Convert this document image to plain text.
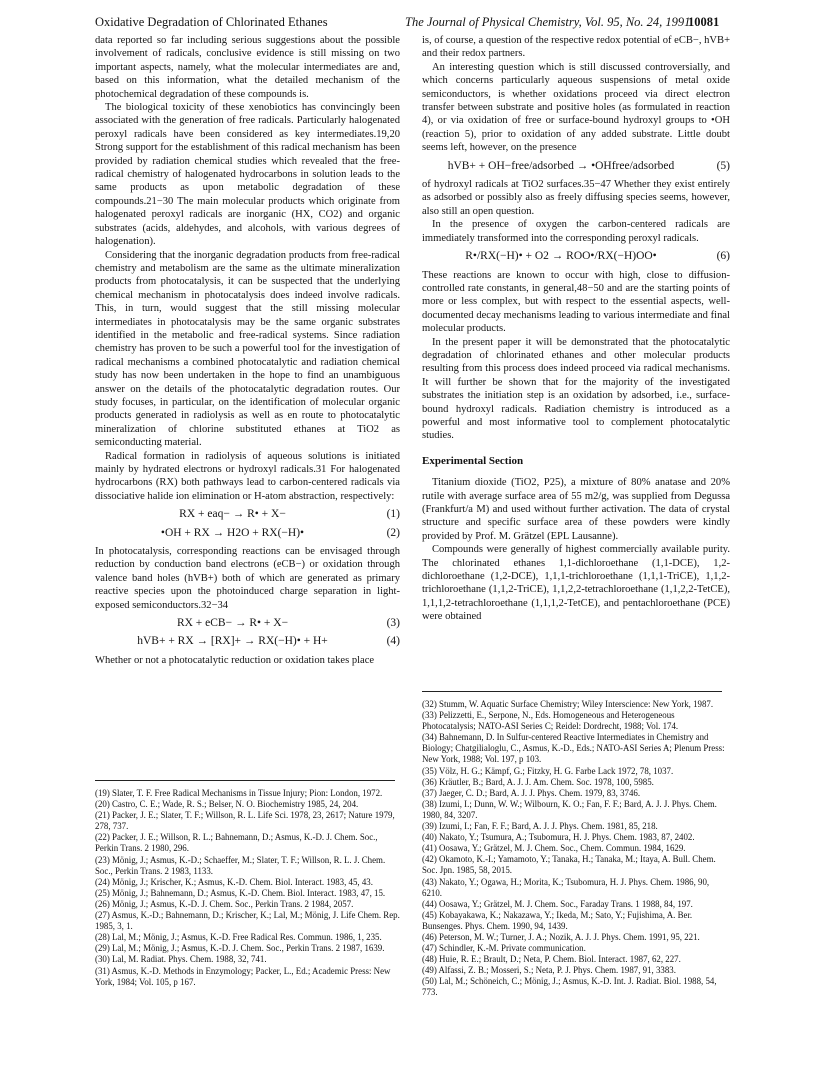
Oxidative Degradation of Chlorinated Ethanes	The Journal of Physical Chemistry, Vol. 95, No. 24, 1991
10081

data reported so far including serious suggestions about the possible involvement of radicals, conclusive evidence is still missing on two important aspects, namely, what the molecular intermediates are and, based on this information, what the detailed mechanism of the photochemical degradation of these compounds is.

The biological toxicity of these xenobiotics has convincingly been associated with the generation of free radicals. Particularly halogenated peroxyl radicals have been considered as key intermediates.19,20 Strong support for the establishment of this radical mechanism has been provided by radiation chemical studies which revealed that the free-radical chemistry of halogenated hydrocarbons in solution leads to the same products as upon metabolic degradation of these compounds.21−30 The main molecular products which originate from halogenated peroxyl radicals are inorganic (HX, CO2) and organic substrates (acids, aldehydes, and alcohols, with various degrees of halogenation).

Considering that the inorganic degradation products from free-radical chemistry and metabolism are the same as the ultimate mineralization products from photocatalysis, it can be suspected that the underlying chemical mechanism in photocatalysis does indeed involve radicals. This, in turn, would suggest that the still missing molecular intermediates in photocatalysis may be the same organic substrates identified in the metabolic and free-radical systems. Since radiation chemistry has proven to be such a powerful tool for the investigation of radical mechanisms a combined photocatalytic and radiation chemical study has now been undertaken in the hope to find an unambiguous answer on the details of the photocatalytic degradation routes. Our study focuses, in particular, on the identification of molecular organic products generated in radiolysis as well as en route to photocatalytic mineralization of chlorine substituted ethanes at TiO2 as semiconducting material.

Radical formation in radiolysis of aqueous solutions is initiated mainly by hydrated electrons or hydroxyl radicals.31 For halogenated hydrocarbons (RX) both pathways lead to carbon-centered radicals via dissociative halide ion elimination or H-atom abstraction, respectively:

RX + eaq− → R• + X−	(1)
•OH + RX → H2O + RX(−H)•	(2)

In photocatalysis, corresponding reactions can be envisaged through reduction by conduction band electrons (eCB−) or oxidation through valence band holes (hVB+) both of which are generated as primary reactive species upon the photoinduced charge separation in light-exposed semiconductors.32−34

RX + eCB− → R• + X−	(3)
hVB+ + RX → [RX]+ → RX(−H)• + H+	(4)

Whether or not a photocatalytic reduction or oxidation takes place

is, of course, a question of the respective redox potential of eCB−, hVB+ and their redox partners.

An interesting question which is still discussed controversially, and which concerns particularly aqueous suspensions of metal oxide semiconductors, is whether oxidations proceed via direct electron transfer between substrate and positive holes (as formulated in reaction 4), or via oxidation of free or surface-bound hydroxyl groups to •OH (reaction 5), prior to oxidation of any added substrate. Little doubt seems left, however, on the presence

hVB+ + OH−free/adsorbed → •OHfree/adsorbed	(5)

of hydroxyl radicals at TiO2 surfaces.35−47 Whether they exist entirely as adsorbed or possibly also as freely diffusing species seems, however, also still an open question.

In the presence of oxygen the carbon-centered radicals are immediately transformed into the corresponding peroxyl radicals.

R•/RX(−H)• + O2 → ROO•/RX(−H)OO•	(6)

These reactions are known to occur with high, close to diffusion-controlled rate constants, in general,48−50 and are the starting points of more or less complex, but with respect to the essential aspects, well-documented decay mechanisms leading to various intermediate and final molecular products.

In the present paper it will be demonstrated that the photocatalytic degradation of chlorinated ethanes and other molecular products resulting from this process does indeed proceed via radical mechanisms. It will further be shown that for the majority of the investigated substrates the initiation step is an oxidation by adsorbed, i.e., surface-bound hydroxyl radicals. Radiation chemistry is introduced as a powerful and most informative tool to complement photocatalytic studies.

Experimental Section

Titanium dioxide (TiO2, P25), a mixture of 80% anatase and 20% rutile with average surface area of 55 m2/g, was supplied from Degussa (Frankfurt/a M) and used without further activation. The data of crystal structure and specific surface area of these powders were kindly provided by Prof. M. Grätzel (EPL Lausanne).

Compounds were generally of highest commercially available purity. The chlorinated ethanes 1,1-dichloroethane (1,1-DCE), 1,2-dichloroethane (1,2-DCE), 1,1,1-trichloroethane (1,1,1-TriCE), 1,1,2-trichloroethane (1,1,2-TriCE), 1,1,2,2-tetrachloroethane (1,1,2,2-TetCE), 1,1,1,2-tetrachloroethane (1,1,1,2-TetCE), and pentachloroethane (PCE) were obtained

(19) Slater, T. F. Free Radical Mechanisms in Tissue Injury; Pion: London, 1972.
(20) Castro, C. E.; Wade, R. S.; Belser, N. O. Biochemistry 1985, 24, 204.
(21) Packer, J. E.; Slater, T. F.; Willson, R. L. Life Sci. 1978, 23, 2617; Nature 1979, 278, 737.
(22) Packer, J. E.; Willson, R. L.; Bahnemann, D.; Asmus, K.-D. J. Chem. Soc., Perkin Trans. 2 1980, 296.
(23) Mönig, J.; Asmus, K.-D.; Schaeffer, M.; Slater, T. F.; Willson, R. L. J. Chem. Soc., Perkin Trans. 2 1983, 1133.
(24) Mönig, J.; Krischer, K.; Asmus, K.-D. Chem. Biol. Interact. 1983, 45, 43.
(25) Mönig, J.; Bahnemann, D.; Asmus, K.-D. Chem. Biol. Interact. 1983, 47, 15.
(26) Mönig, J.; Asmus, K.-D. J. Chem. Soc., Perkin Trans. 2 1984, 2057.
(27) Asmus, K.-D.; Bahnemann, D.; Krischer, K.; Lal, M.; Mönig, J. Life Chem. Rep. 1985, 3, 1.
(28) Lal, M.; Mönig, J.; Asmus, K.-D. Free Radical Res. Commun. 1986, 1, 235.
(29) Lal, M.; Mönig, J.; Asmus, K.-D. J. Chem. Soc., Perkin Trans. 2 1987, 1639.
(30) Lal, M. Radiat. Phys. Chem. 1988, 32, 741.
(31) Asmus, K.-D. Methods in Enzymology; Packer, L., Ed.; Academic Press: New York, 1984; Vol. 105, p 167.
(32) Stumm, W. Aquatic Surface Chemistry; Wiley Interscience: New York, 1987.
(33) Pelizzetti, E., Serpone, N., Eds. Homogeneous and Heterogeneous Photocatalysis; NATO-ASI Series C; Reidel: Dordrecht, 1988; Vol. 174.
(34) Bahnemann, D. In Sulfur-centered Reactive Intermediates in Chemistry and Biology; Chatgilialoglu, C., Asmus, K.-D., Eds.; NATO-ASI Series A; Plenum Press: New York, 1988; Vol. 197, p 103.
(35) Völz, H. G.; Kämpf, G.; Fitzky, H. G. Farbe Lack 1972, 78, 1037.
(36) Kräutler, B.; Bard, A. J. J. Am. Chem. Soc. 1978, 100, 5985.
(37) Jaeger, C. D.; Bard, A. J. J. Phys. Chem. 1979, 83, 3746.
(38) Izumi, I.; Dunn, W. W.; Wilbourn, K. O.; Fan, F. F.; Bard, A. J. J. Phys. Chem. 1980, 84, 3207.
(39) Izumi, I.; Fan, F. F.; Bard, A. J. J. Phys. Chem. 1981, 85, 218.
(40) Nakato, Y.; Tsumura, A.; Tsubomura, H. J. Phys. Chem. 1983, 87, 2402.
(41) Oosawa, Y.; Grätzel, M. J. Chem. Soc., Chem. Commun. 1984, 1629.
(42) Okamoto, K.-I.; Yamamoto, Y.; Tanaka, H.; Tanaka, M.; Itaya, A. Bull. Chem. Soc. Jpn. 1985, 58, 2015.
(43) Nakato, Y.; Ogawa, H.; Morita, K.; Tsubomura, H. J. Phys. Chem. 1986, 90, 6210.
(44) Oosawa, Y.; Grätzel, M. J. Chem. Soc., Faraday Trans. 1 1988, 84, 197.
(45) Kobayakawa, K.; Nakazawa, Y.; Ikeda, M.; Sato, Y.; Fujishima, A. Ber. Bunsenges. Phys. Chem. 1990, 94, 1439.
(46) Peterson, M. W.; Turner, J. A.; Nozik, A. J. J. Phys. Chem. 1991, 95, 221.
(47) Schindler, K.-M. Private communication.
(48) Huie, R. E.; Brault, D.; Neta, P. Chem. Biol. Interact. 1987, 62, 227.
(49) Alfassi, Z. B.; Mosseri, S.; Neta, P. J. Phys. Chem. 1987, 91, 3383.
(50) Lal, M.; Schöneich, C.; Mönig, J.; Asmus, K.-D. Int. J. Radiat. Biol. 1988, 54, 773.
